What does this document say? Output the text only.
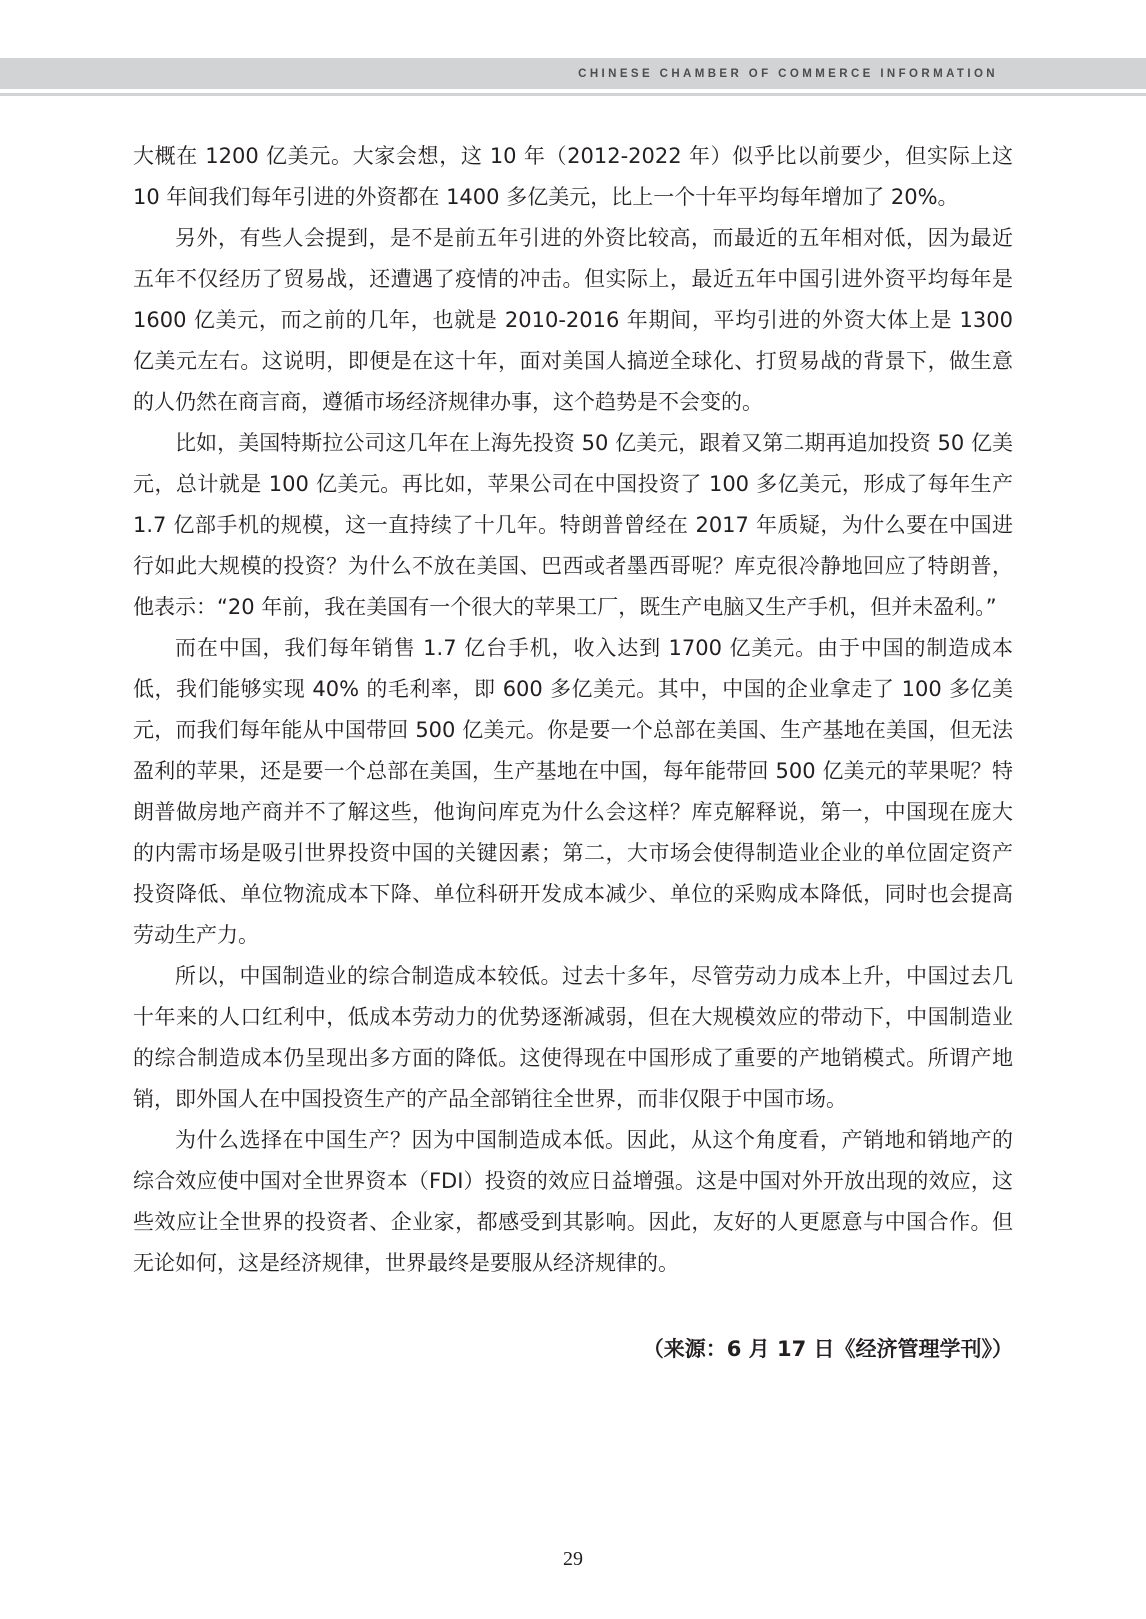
CHINESE CHAMBER OF COMMERCE INFORMATION

大概在 1200 亿美元。大家会想，这 10 年（2012-2022 年）似乎比以前要少，但实际上这 10 年间我们每年引进的外资都在 1400 多亿美元，比上一个十年平均每年增加了 20%。

另外，有些人会提到，是不是前五年引进的外资比较高，而最近的五年相对低，因为最近五年不仅经历了贸易战，还遭遇了疫情的冲击。但实际上，最近五年中国引进外资平均每年是 1600 亿美元，而之前的几年，也就是 2010-2016 年期间，平均引进的外资大体上是 1300 亿美元左右。这说明，即便是在这十年，面对美国人搞逆全球化、打贸易战的背景下，做生意的人仍然在商言商，遵循市场经济规律办事，这个趋势是不会变的。

比如，美国特斯拉公司这几年在上海先投资 50 亿美元，跟着又第二期再追加投资 50 亿美元，总计就是 100 亿美元。再比如，苹果公司在中国投资了 100 多亿美元，形成了每年生产 1.7 亿部手机的规模，这一直持续了十几年。特朗普曾经在 2017 年质疑，为什么要在中国进行如此大规模的投资？为什么不放在美国、巴西或者墨西哥呢？库克很冷静地回应了特朗普，他表示：“20 年前，我在美国有一个很大的苹果工厂，既生产电脑又生产手机，但并未盈利。”

而在中国，我们每年销售 1.7 亿台手机，收入达到 1700 亿美元。由于中国的制造成本低，我们能够实现 40% 的毛利率，即 600 多亿美元。其中，中国的企业拿走了 100 多亿美元，而我们每年能从中国带回 500 亿美元。你是要一个总部在美国、生产基地在美国，但无法盈利的苹果，还是要一个总部在美国，生产基地在中国，每年能带回 500 亿美元的苹果呢？特朗普做房地产商并不了解这些，他询问库克为什么会这样？库克解释说，第一，中国现在庞大的内需市场是吸引世界投资中国的关键因素；第二，大市场会使得制造业企业的单位固定资产投资降低、单位物流成本下降、单位科研开发成本减少、单位的采购成本降低，同时也会提高劳动生产力。

所以，中国制造业的综合制造成本较低。过去十多年，尽管劳动力成本上升，中国过去几十年来的人口红利中，低成本劳动力的优势逐渐减弱，但在大规模效应的带动下，中国制造业的综合制造成本仍呈现出多方面的降低。这使得现在中国形成了重要的产地销模式。所谓产地销，即外国人在中国投资生产的产品全部销往全世界，而非仅限于中国市场。

为什么选择在中国生产？因为中国制造成本低。因此，从这个角度看，产销地和销地产的综合效应使中国对全世界资本（FDI）投资的效应日益增强。这是中国对外开放出现的效应，这些效应让全世界的投资者、企业家，都感受到其影响。因此，友好的人更愿意与中国合作。但无论如何，这是经济规律，世界最终是要服从经济规律的。

（来源：6 月 17 日《经济管理学刊》）
29
